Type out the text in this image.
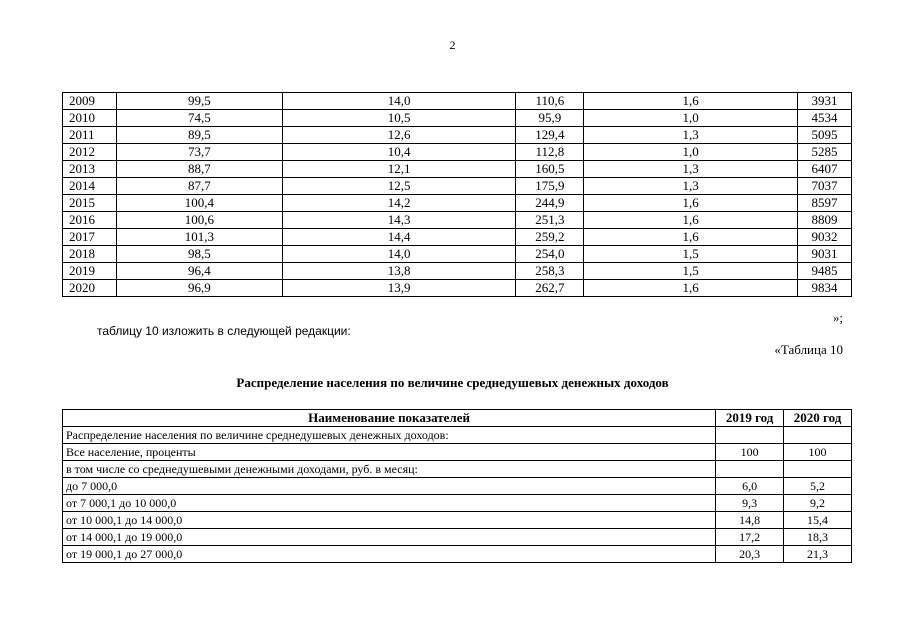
2
2009	99,5	14,0	110,6	1,6	3931
2010	74,5	10,5	95,9	1,0	4534
2011	89,5	12,6	129,4	1,3	5095
2012	73,7	10,4	112,8	1,0	5285
2013	88,7	12,1	160,5	1,3	6407
2014	87,7	12,5	175,9	1,3	7037
2015	100,4	14,2	244,9	1,6	8597
2016	100,6	14,3	251,3	1,6	8809
2017	101,3	14,4	259,2	1,6	9032
2018	98,5	14,0	254,0	1,5	9031
2019	96,4	13,8	258,3	1,5	9485
2020	96,9	13,9	262,7	1,6	9834
»;
таблицу 10 изложить в следующей редакции:
«Таблица 10
Распределение населения по величине среднедушевых денежных доходов
Наименование показателей	2019 год	2020 год
Распределение населения по величине среднедушевых денежных доходов:		
Все население, проценты	100	100
в том числе со среднедушевыми денежными доходами, руб. в месяц:		
до 7 000,0	6,0	5,2
от 7 000,1 до 10 000,0	9,3	9,2
от 10 000,1 до 14 000,0	14,8	15,4
от 14 000,1 до 19 000,0	17,2	18,3
от 19 000,1 до 27 000,0	20,3	21,3
